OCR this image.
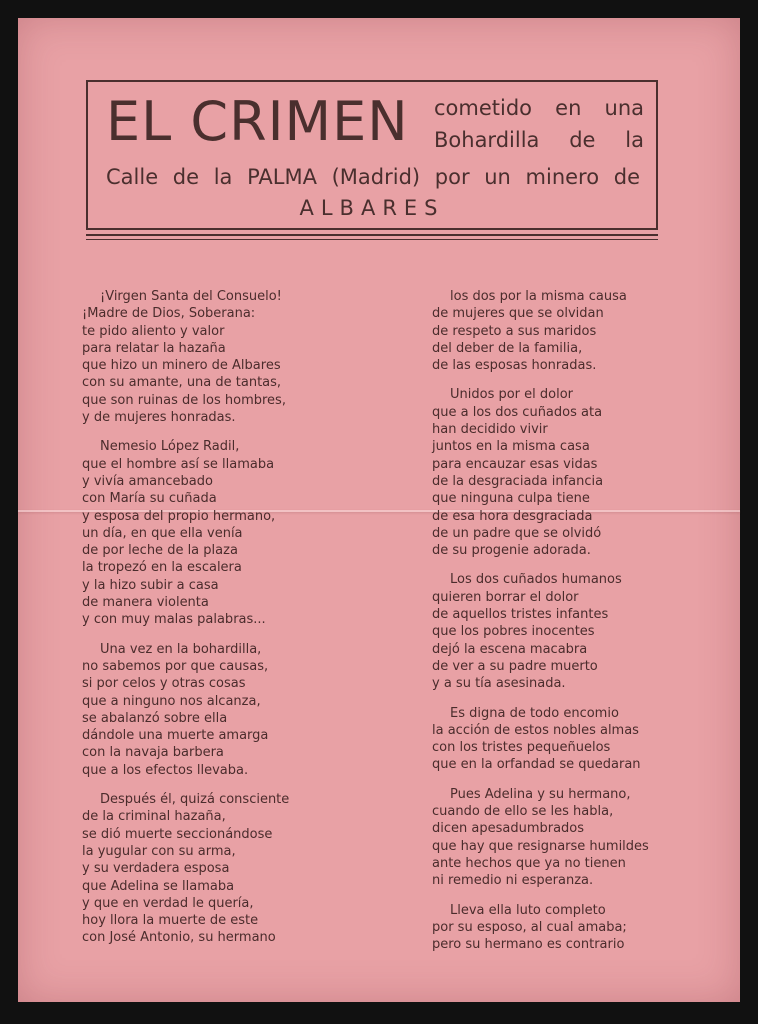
EL CRIMEN cometido en una
Bohardilla de la
Calle de la PALMA (Madrid) por un minero de
ALBARES
¡Virgen Santa del Consuelo!
¡Madre de Dios, Soberana:
te pido aliento y valor
para relatar la hazaña
que hizo un minero de Albares
con su amante, una de tantas,
que son ruinas de los hombres,
y de mujeres honradas.
Nemesio López Radil,
que el hombre así se llamaba
y vivía amancebado
con María su cuñada
y esposa del propio hermano,
un día, en que ella venía
de por leche de la plaza
la tropezó en la escalera
y la hizo subir a casa
de manera violenta
y con muy malas palabras...
Una vez en la bohardilla,
no sabemos por que causas,
si por celos y otras cosas
que a ninguno nos alcanza,
se abalanzó sobre ella
dándole una muerte amarga
con la navaja barbera
que a los efectos llevaba.
Después él, quizá consciente
de la criminal hazaña,
se dió muerte seccionándose
la yugular con su arma,
y su verdadera esposa
que Adelina se llamaba
y que en verdad le quería,
hoy llora la muerte de este
con José Antonio, su hermano
los dos por la misma causa
de mujeres que se olvidan
de respeto a sus maridos
del deber de la familia,
de las esposas honradas.
Unidos por el dolor
que a los dos cuñados ata
han decidido vivir
juntos en la misma casa
para encauzar esas vidas
de la desgraciada infancia
que ninguna culpa tiene
de esa hora desgraciada
de un padre que se olvidó
de su progenie adorada.
Los dos cuñados humanos
quieren borrar el dolor
de aquellos tristes infantes
que los pobres inocentes
dejó la escena macabra
de ver a su padre muerto
y a su tía asesinada.
Es digna de todo encomio
la acción de estos nobles almas
con los tristes pequeñuelos
que en la orfandad se quedaran
Pues Adelina y su hermano,
cuando de ello se les habla,
dicen apesadumbrados
que hay que resignarse humildes
ante hechos que ya no tienen
ni remedio ni esperanza.
Lleva ella luto completo
por su esposo, al cual amaba;
pero su hermano es contrario
